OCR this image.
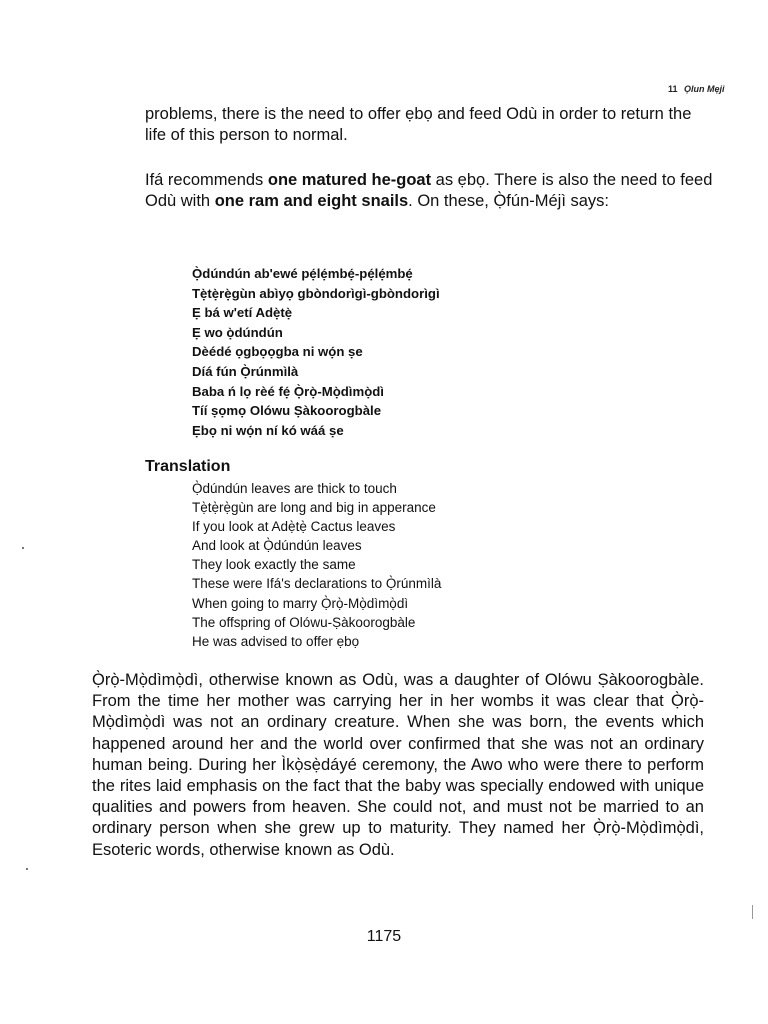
11 Ọlun Mẹji

problems, there is the need to offer ẹbọ and feed Odù in order to return the life of this person to normal.

Ifá recommends one matured he-goat as ẹbọ. There is also the need to feed Odù with one ram and eight snails. On these, Ọ̀fún-Méjì says:

Ọ̀dúndún ab'ewé pẹ́lẹ́mbẹ́-pẹ́lẹ́mbẹ́
Tẹ̀tẹ̀rẹ̀gùn abìyọ gbòndorìgì-gbòndorìgì
Ẹ bá w'etí Adẹ̀tẹ̀
Ẹ wo ọ̀dúndún
Dèédé ọgbọọgba ni wọ́n ṣe
Díá fún Ọ̀rúnmìlà
Baba ń lọ rèé fẹ́ Ọ̀rọ̀-Mọ̀dìmọ̀dì
Tíí ṣọmọ Olówu Ṣàkoorogbàle
Ẹbọ ni wọ́n ní kó wáá ṣe
Translation
Ọ̀dúndún leaves are thick to touch
Tẹ̀tẹ̀rẹ̀gùn are long and big in apperance
If you look at Adẹ̀tẹ̀ Cactus leaves
And look at Ọ̀dúndún leaves
They look exactly the same
These were Ifá's declarations to Ọ̀rúnmìlà
When going to marry Ọ̀rọ̀-Mọ̀dìmọ̀dì
The offspring of Olówu-Ṣàkoorogbàle
He was advised to offer ẹbọ

Ọ̀rọ̀-Mọ̀dìmọ̀dì, otherwise known as Odù, was a daughter of Olówu Ṣàkoorogbàle. From the time her mother was carrying her in her wombs it was clear that Ọ̀rọ̀-Mọ̀dìmọ̀dì was not an ordinary creature. When she was born, the events which happened around her and the world over confirmed that she was not an ordinary human being. During her Ìkọ̀sẹ̀dáyé ceremony, the Awo who were there to perform the rites laid emphasis on the fact that the baby was specially endowed with unique qualities and powers from heaven. She could not, and must not be married to an ordinary person when she grew up to maturity. They named her Ọ̀rọ̀-Mọ̀dìmọ̀dì, Esoteric words, otherwise known as Odù.

1175
